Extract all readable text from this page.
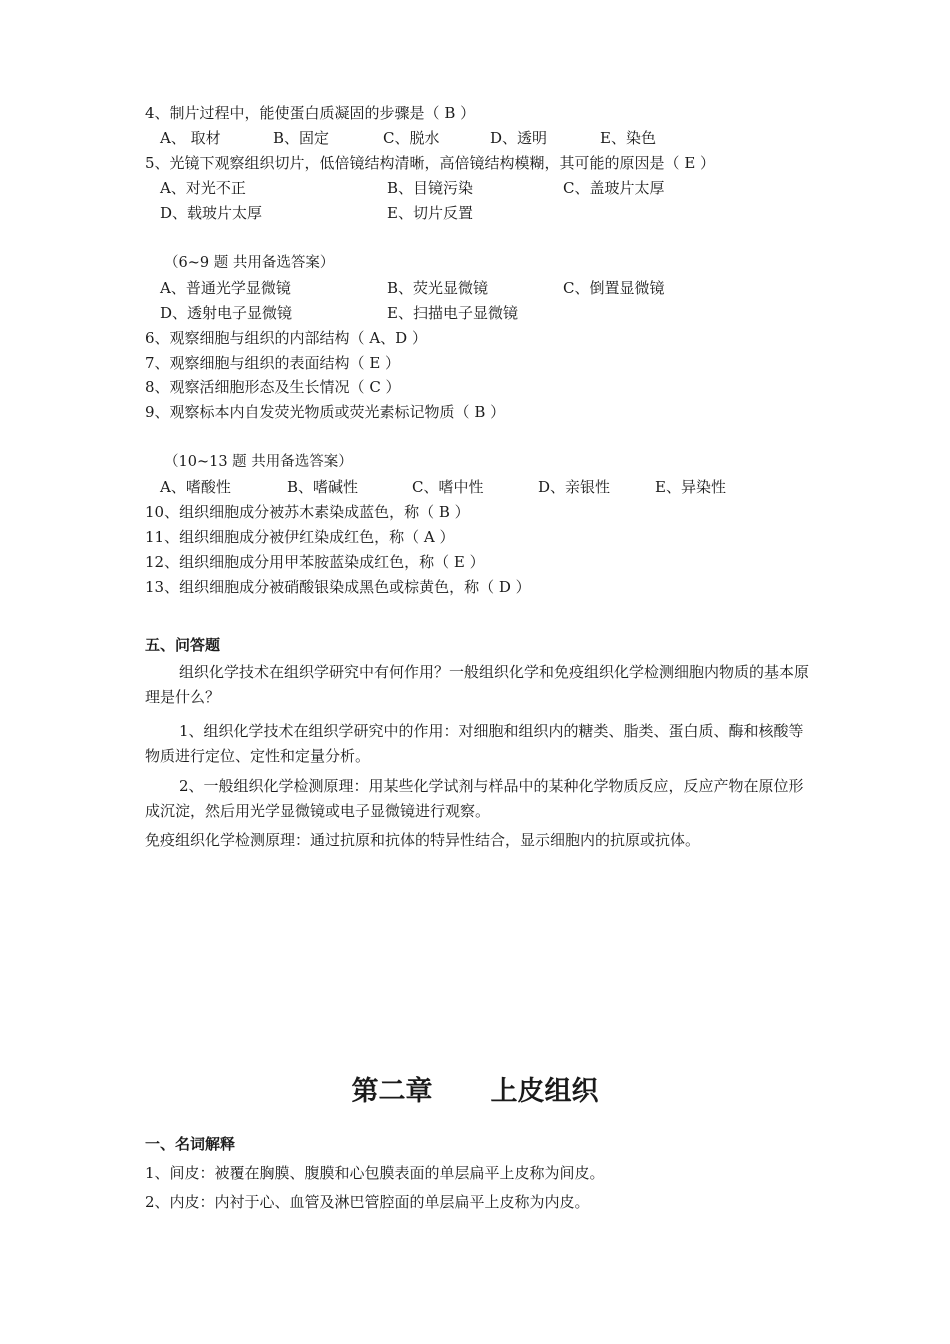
4、制片过程中，能使蛋白质凝固的步骤是（ B ）
A、 取材	B、固定	C、脱水	D、透明	E、染色
5、光镜下观察组织切片，低倍镜结构清晰，高倍镜结构模糊，其可能的原因是（ E ）
A、对光不正	B、目镜污染	C、盖玻片太厚
D、载玻片太厚	E、切片反置
（6~9 题 共用备选答案）
A、普通光学显微镜	B、荧光显微镜	C、倒置显微镜
D、透射电子显微镜	E、扫描电子显微镜
6、观察细胞与组织的内部结构（ A、D ）
7、观察细胞与组织的表面结构（ E ）
8、观察活细胞形态及生长情况（ C ）
9、观察标本内自发荧光物质或荧光素标记物质（ B ）
（10~13 题 共用备选答案）
A、嗜酸性	B、嗜碱性	C、嗜中性	D、亲银性	E、异染性
10、组织细胞成分被苏木素染成蓝色，称（ B ）
11、组织细胞成分被伊红染成红色，称（ A ）
12、组织细胞成分用甲苯胺蓝染成红色，称（ E ）
13、组织细胞成分被硝酸银染成黑色或棕黄色，称（ D ）
五、问答题
组织化学技术在组织学研究中有何作用？一般组织化学和免疫组织化学检测细胞内物质的基本原理是什么？
1、组织化学技术在组织学研究中的作用：对细胞和组织内的糖类、脂类、蛋白质、酶和核酸等物质进行定位、定性和定量分析。
2、一般组织化学检测原理：用某些化学试剂与样品中的某种化学物质反应，反应产物在原位形成沉淀，然后用光学显微镜或电子显微镜进行观察。
免疫组织化学检测原理：通过抗原和抗体的特异性结合，显示细胞内的抗原或抗体。
第二章 上皮组织
一、名词解释
1、间皮：被覆在胸膜、腹膜和心包膜表面的单层扁平上皮称为间皮。
2、内皮：内衬于心、血管及淋巴管腔面的单层扁平上皮称为内皮。
